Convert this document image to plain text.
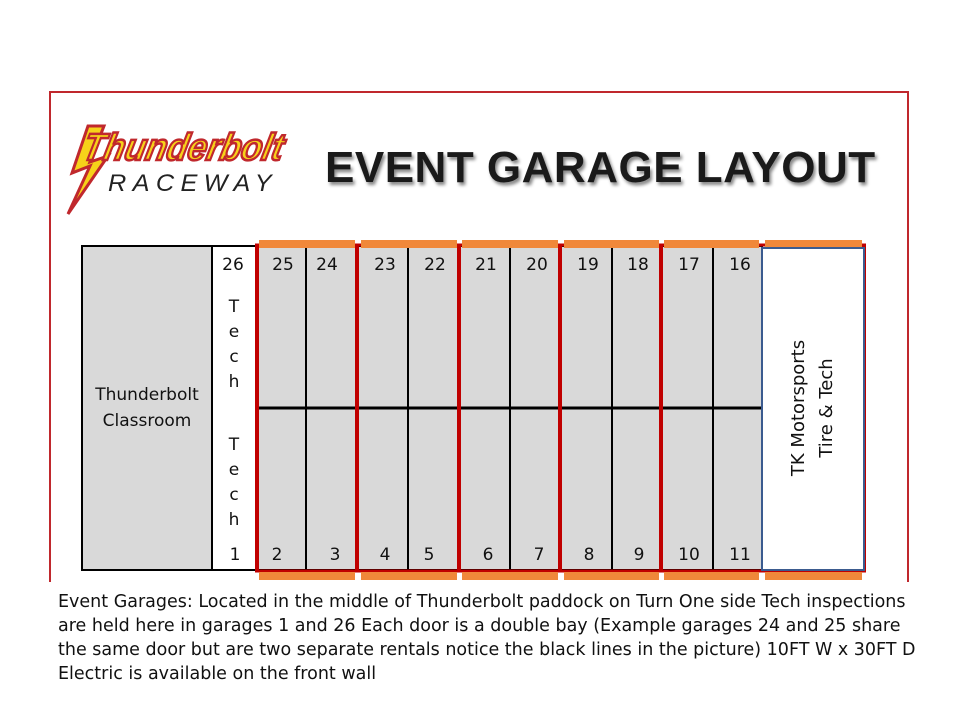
Thunderbolt
RACEWAY EVENT GARAGE LAYOUT
Thunderbolt
Classroom
26
1
T
e
c
h
T
e
c
h
25 24 23 22 21 20 19 18 17 16
2	3 4 5	6 7 8 9 10 11
TK Motorsports Tire & Tech
Event Garages: Located in the middle of Thunderbolt paddock on Turn One side Tech inspections are held here in garages 1 and 26 Each door is a double bay (Example garages 24 and 25 share the same door but are two separate rentals notice the black lines in the picture) 10FT W x 30FT D Electric is available on the front wall
